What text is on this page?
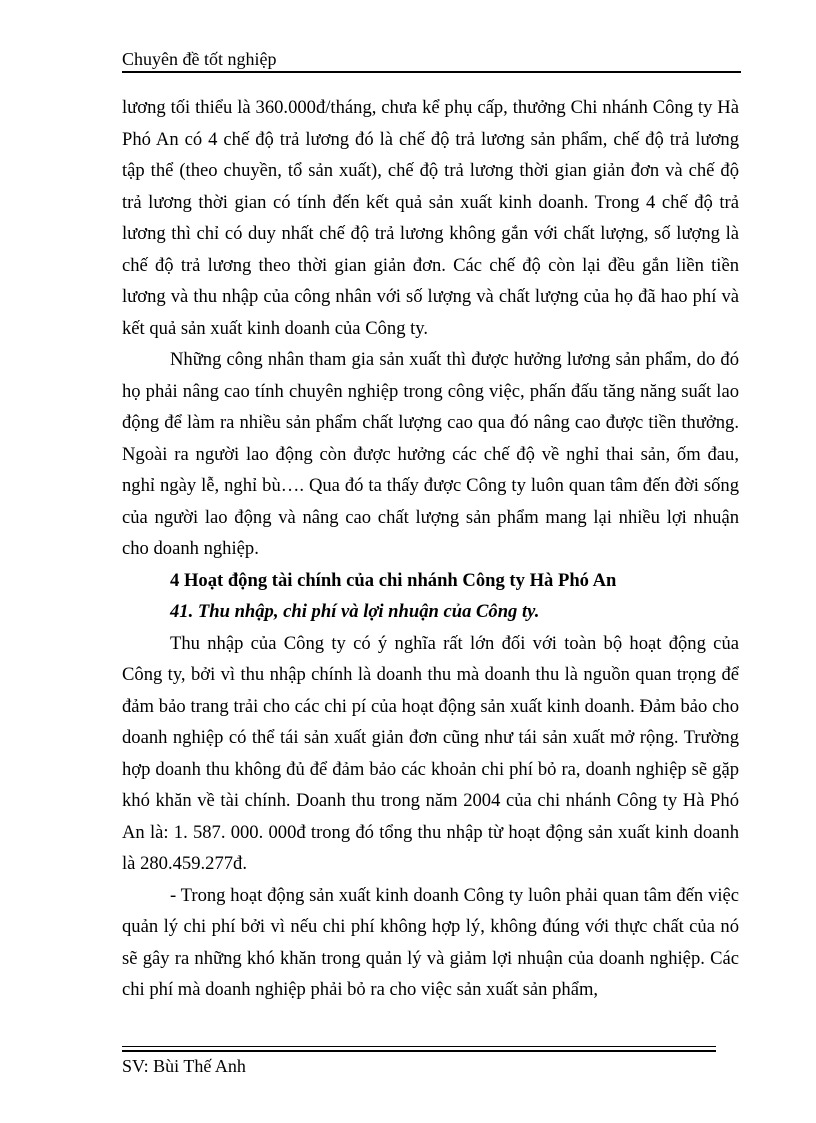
Chuyên đề tốt nghiệp

lương tối thiểu là 360.000đ/tháng, chưa kể phụ cấp, thưởng Chi nhánh Công ty Hà Phó An có 4 chế độ trả lương đó là chế độ trả lương sản phẩm, chế độ trả lương tập thể (theo chuyền, tổ sản xuất), chế độ trả lương thời gian giản đơn và chế độ trả lương thời gian có tính đến kết quả sản xuất kinh doanh. Trong 4 chế độ trả lương thì chỉ có duy nhất chế độ trả lương không gắn với chất lượng, số lượng là chế độ trả lương theo thời gian giản đơn. Các chế độ còn lại đều gắn liền tiền lương và thu nhập của công nhân với số lượng và chất lượng của họ đã hao phí và kết quả sản xuất kinh doanh của Công ty.

Những công nhân tham gia sản xuất thì được hưởng lương sản phẩm, do đó họ phải nâng cao tính chuyên nghiệp trong công việc, phấn đấu tăng năng suất lao động để làm ra nhiều sản phẩm chất lượng cao qua đó nâng cao được tiền thưởng. Ngoài ra người lao động còn được hưởng các chế độ về nghỉ thai sản, ốm đau, nghỉ ngày lễ, nghỉ bù…. Qua đó ta thấy được Công ty luôn quan tâm đến đời sống của người lao động và nâng cao chất lượng sản phẩm mang lại nhiều lợi nhuận cho doanh nghiệp.

4 Hoạt động tài chính của chi nhánh Công ty Hà Phó An
41. Thu nhập, chi phí và lợi nhuận của Công ty.

Thu nhập của Công ty có ý nghĩa rất lớn đối với toàn bộ hoạt động của Công ty, bởi vì thu nhập chính là doanh thu mà doanh thu là nguồn quan trọng để đảm bảo trang trải cho các chi pí của hoạt động sản xuất kinh doanh. Đảm bảo cho doanh nghiệp có thể tái sản xuất giản đơn cũng như tái sản xuất mở rộng. Trường hợp doanh thu không đủ để đảm bảo các khoản chi phí bỏ ra, doanh nghiệp sẽ gặp khó khăn về tài chính. Doanh thu trong năm 2004 của chi nhánh Công ty Hà Phó An là: 1. 587. 000. 000đ trong đó tổng thu nhập từ hoạt động sản xuất kinh doanh là 280.459.277đ.

- Trong hoạt động sản xuất kinh doanh Công ty luôn phải quan tâm đến việc quản lý chi phí bởi vì nếu chi phí không hợp lý, không đúng với thực chất của nó sẽ gây ra những khó khăn trong quản lý và giảm lợi nhuận của doanh nghiệp. Các chi phí mà doanh nghiệp phải bỏ ra cho việc sản xuất sản phẩm,

SV: Bùi Thế Anh
